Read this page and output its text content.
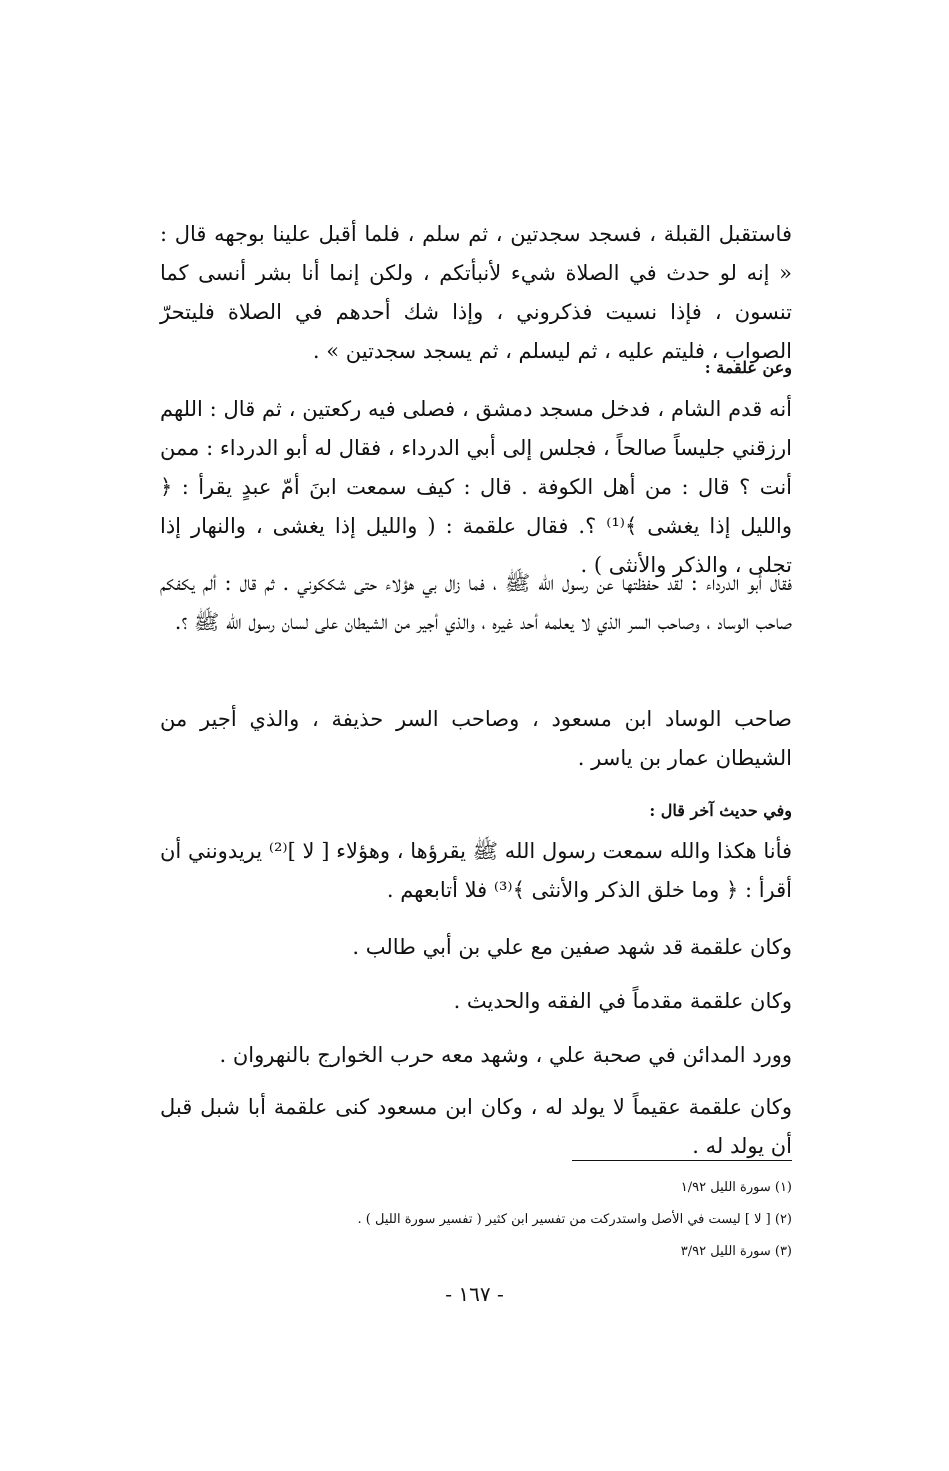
فاستقبل القبلة ، فسجد سجدتين ، ثم سلم ، فلما أقبل علينا بوجهه قال : « إنه لو حدث في الصلاة شيء لأنبأتكم ، ولكن إنما أنا بشر أنسى كما تنسون ، فإذا نسيت فذكروني ، وإذا شك أحدهم في الصلاة فليتحرّ الصواب ، فليتم عليه ، ثم ليسلم ، ثم يسجد سجدتين » .

وعن علقمة :

أنه قدم الشام ، فدخل مسجد دمشق ، فصلى فيه ركعتين ، ثم قال : اللهم ارزقني جليساً صالحاً ، فجلس إلى أبي الدرداء ، فقال له أبو الدرداء : ممن أنت ؟ قال : من أهل الكوفة . قال : كيف سمعت ابنَ أمّ عبدٍ يقرأ : ﴿ والليل إذا يغشى ﴾⁽¹⁾ ؟. فقال علقمة : ( والليل إذا يغشى ، والنهار إذا تجلى ، والذكر والأنثى ) .

فقال أبو الدرداء : لقد حفظتها عن رسول الله ﷺ ، فما زال بي هؤلاء حتى شككوني . ثم قال : ألم يكفكم صاحب الوساد ، وصاحب السر الذي لا يعلمه أحد غيره ، والذي أجير من الشيطان على لسان رسول الله ﷺ ؟.

صاحب الوساد ابن مسعود ، وصاحب السر حذيفة ، والذي أجير من الشيطان عمار بن ياسر .

وفي حديث آخر قال :

فأنا هكذا والله سمعت رسول الله ﷺ يقرؤها ، وهؤلاء [ لا ]⁽²⁾ يريدونني أن أقرأ : ﴿ وما خلق الذكر والأنثى ﴾⁽³⁾ فلا أتابعهم .

وكان علقمة قد شهد صفين مع علي بن أبي طالب .
وكان علقمة مقدماً في الفقه والحديث .
وورد المدائن في صحبة علي ، وشهد معه حرب الخوارج بالنهروان .

وكان علقمة عقيماً لا يولد له ، وكان ابن مسعود كنى علقمة أبا شبل قبل أن يولد له .

(١) سورة الليل ١/٩٢
(٢) [ لا ] ليست في الأصل واستدركت من تفسير ابن كثير ( تفسير سورة الليل ) .
(٣) سورة الليل ٣/٩٢
- ١٦٧ -
